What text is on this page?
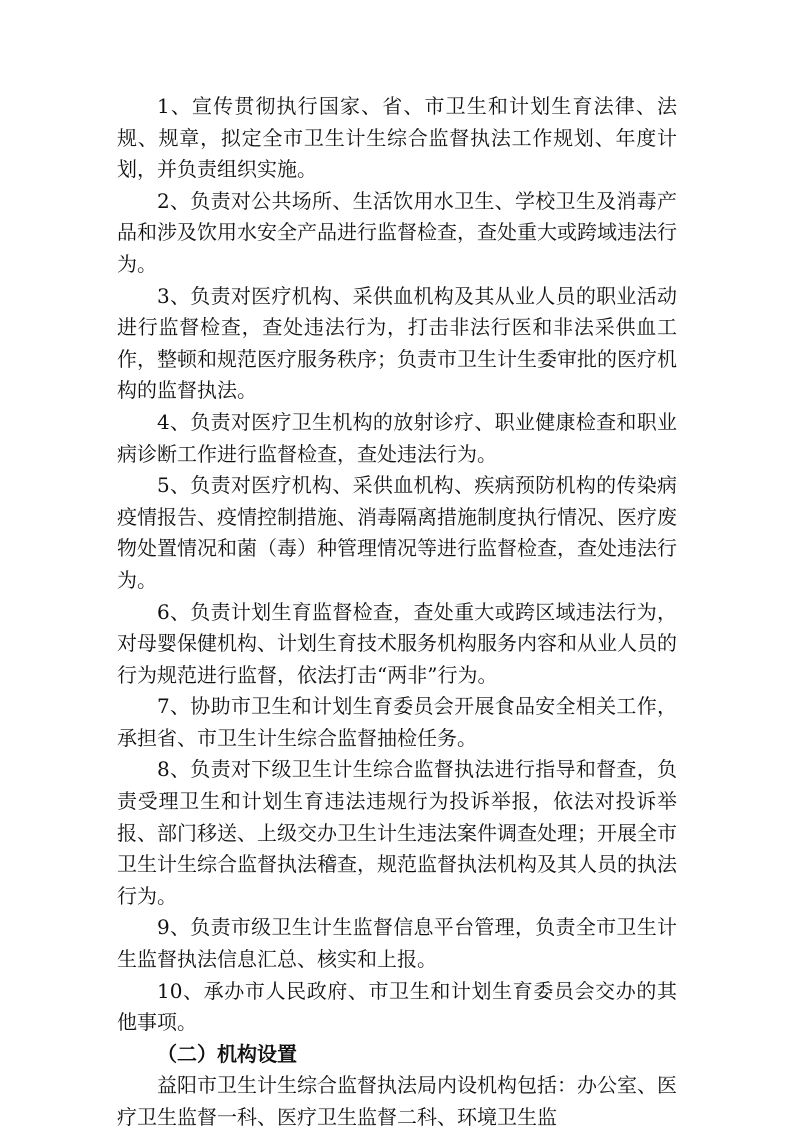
1、宣传贯彻执行国家、省、市卫生和计划生育法律、法规、规章，拟定全市卫生计生综合监督执法工作规划、年度计划，并负责组织实施。

2、负责对公共场所、生活饮用水卫生、学校卫生及消毒产品和涉及饮用水安全产品进行监督检查，查处重大或跨域违法行为。

3、负责对医疗机构、采供血机构及其从业人员的职业活动进行监督检查，查处违法行为，打击非法行医和非法采供血工作，整顿和规范医疗服务秩序；负责市卫生计生委审批的医疗机构的监督执法。

4、负责对医疗卫生机构的放射诊疗、职业健康检查和职业病诊断工作进行监督检查，查处违法行为。

5、负责对医疗机构、采供血机构、疾病预防机构的传染病疫情报告、疫情控制措施、消毒隔离措施制度执行情况、医疗废物处置情况和菌（毒）种管理情况等进行监督检查，查处违法行为。

6、负责计划生育监督检查，查处重大或跨区域违法行为，对母婴保健机构、计划生育技术服务机构服务内容和从业人员的行为规范进行监督，依法打击“两非”行为。

7、协助市卫生和计划生育委员会开展食品安全相关工作，承担省、市卫生计生综合监督抽检任务。

8、负责对下级卫生计生综合监督执法进行指导和督查，负责受理卫生和计划生育违法违规行为投诉举报，依法对投诉举报、部门移送、上级交办卫生计生违法案件调查处理；开展全市卫生计生综合监督执法稽查，规范监督执法机构及其人员的执法行为。

9、负责市级卫生计生监督信息平台管理，负责全市卫生计生监督执法信息汇总、核实和上报。

10、承办市人民政府、市卫生和计划生育委员会交办的其他事项。

（二）机构设置

益阳市卫生计生综合监督执法局内设机构包括：办公室、医疗卫生监督一科、医疗卫生监督二科、环境卫生监
